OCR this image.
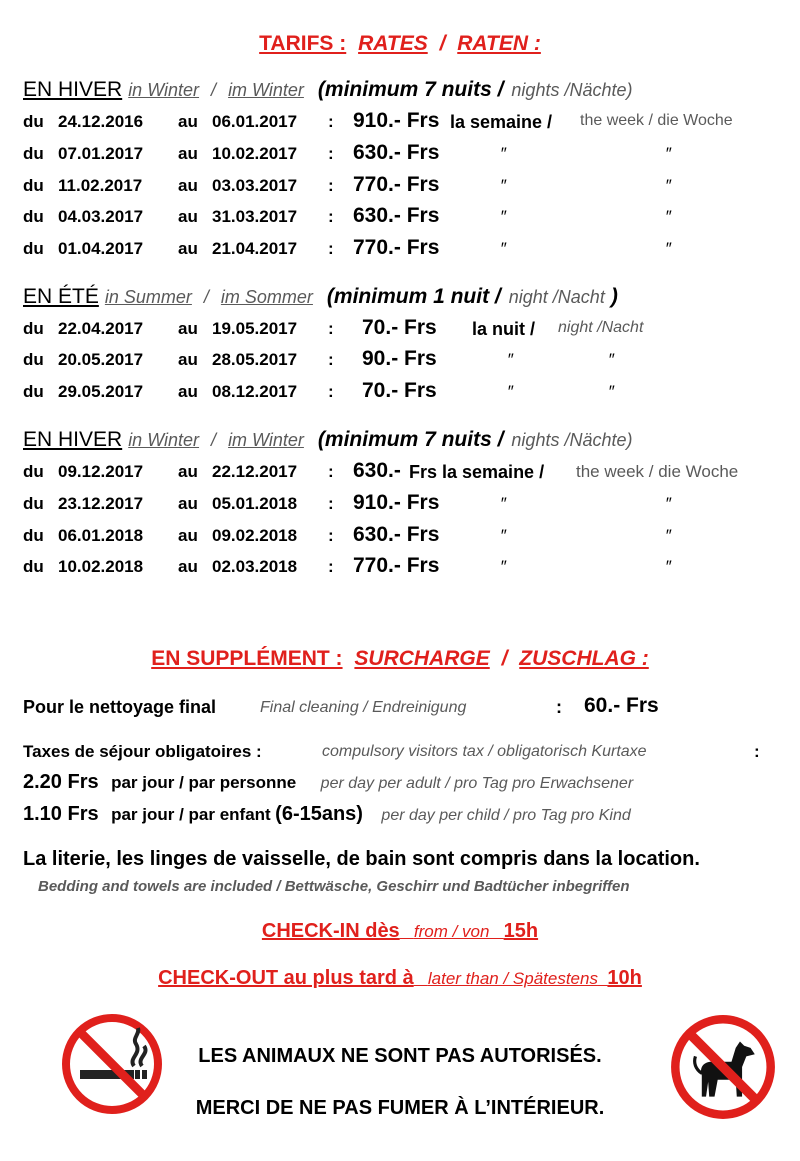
TARIFS : RATES / RATEN :
EN HIVER in Winter / im Winter (minimum 7 nuits / nights /Nächte)
du 24.12.2016 au 06.01.2017 : 910.- Frs la semaine / the week / die Woche
du 07.01.2017 au 10.02.2017 : 630.- Frs	″	″
du 11.02.2017 au 03.03.2017 : 770.- Frs	″	″
du 04.03.2017 au 31.03.2017 : 630.- Frs	″	″
du 01.04.2017 au 21.04.2017 : 770.- Frs	″	″
EN ÉTÉ in Summer / im Sommer (minimum 1 nuit / night /Nacht )
du 22.04.2017 au 19.05.2017 : 70.- Frs la nuit / night /Nacht
du 20.05.2017 au 28.05.2017 : 90.- Frs	″	″
du 29.05.2017 au 08.12.2017 : 70.- Frs	″	″
EN HIVER in Winter / im Winter (minimum 7 nuits / nights /Nächte)
du 09.12.2017 au 22.12.2017 : 630.- Frs la semaine / the week / die Woche
du 23.12.2017 au 05.01.2018 : 910.- Frs	″	″
du 06.01.2018 au 09.02.2018 : 630.- Frs	″	″
du 10.02.2018 au 02.03.2018 : 770.- Frs	″	″
EN SUPPLÉMENT : SURCHARGE / ZUSCHLAG :
Pour le nettoyage final	Final cleaning / Endreinigung	: 60.- Frs
Taxes de séjour obligatoires :	compulsory visitors tax / obligatorisch Kurtaxe	:
2.20 Frs par jour / par personne per day per adult / pro Tag pro Erwachsener
1.10 Frs par jour / par enfant (6-15ans) per day per child / pro Tag pro Kind
La literie, les linges de vaisselle, de bain sont compris dans la location.
Bedding and towels are included / Bettwäsche, Geschirr und Badtücher inbegriffen
CHECK-IN dès from / von 15h
CHECK-OUT au plus tard à later than / Spätestens 10h
LES ANIMAUX NE SONT PAS AUTORISÉS.
MERCI DE NE PAS FUMER À L’INTÉRIEUR.
